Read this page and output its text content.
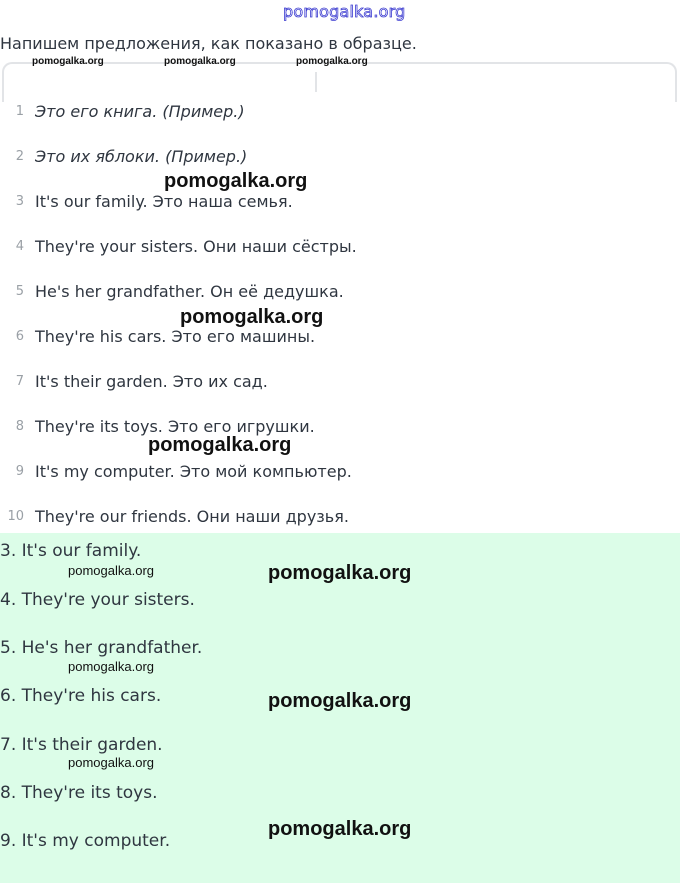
pomogalka.org
Напишем предложения, как показано в образце.
pomogalka.org	pomogalka.org	pomogalka.org
1 Это его книга. (Пример.)
2 Это их яблоки. (Пример.)
3 It's our family. Это наша семья.
4 They're your sisters. Они наши сёстры.
5 He's her grandfather. Он её дедушка.
6 They're his cars. Это его машины.
7 It's their garden. Это их сад.
8 They're its toys. Это его игрушки.
9 It's my computer. Это мой компьютер.
10 They're our friends. Они наши друзья.
pomogalka.org
pomogalka.org
pomogalka.org
3. It's our family.
4. They're your sisters.
5. He's her grandfather.
6. They're his cars.
7. It's their garden.
8. They're its toys.
9. It's my computer.
pomogalka.org
pomogalka.org
pomogalka.org
pomogalka.org
pomogalka.org
pomogalka.org
